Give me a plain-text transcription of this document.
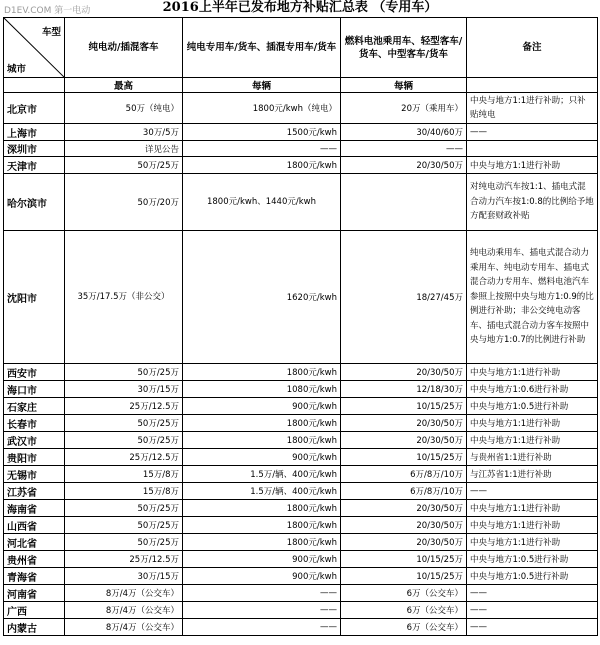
D1EV.COM 第一电动	2016上半年已发布地方补贴汇总表 （专用车）
车型
城市	纯电动/插混客车	纯电专用车/货车、插混专用车/货车	燃料电池乘用车、轻型客车/货车、中型客车/货车	备注
	最高	每辆	每辆	
北京市	50万（纯电）	1800元/kwh（纯电）	20万（乘用车）	中央与地方1:1进行补助；只补贴纯电
上海市	30万/5万	1500元/kwh	30/40/60万	——
深圳市	详见公告	——	——	
天津市	50万/25万	1800元/kwh	20/30/50万	中央与地方1:1进行补助
哈尔滨市	50万/20万	1800元/kwh、1440元/kwh		对纯电动汽车按1:1、插电式混合动力汽车按1:0.8的比例给予地方配套财政补贴
沈阳市	35万/17.5万（非公交）	1620元/kwh	18/27/45万	纯电动乘用车、插电式混合动力乘用车、纯电动专用车、插电式混合动力专用车、燃料电池汽车参照上按照中央与地方1:0.9的比例进行补助；非公交纯电动客车、插电式混合动力客车按照中央与地方1:0.7的比例进行补助
西安市	50万/25万	1800元/kwh	20/30/50万	中央与地方1:1进行补助
海口市	30万/15万	1080元/kwh	12/18/30万	中央与地方1:0.6进行补助
石家庄	25万/12.5万	900元/kwh	10/15/25万	中央与地方1:0.5进行补助
长春市	50万/25万	1800元/kwh	20/30/50万	中央与地方1:1进行补助
武汉市	50万/25万	1800元/kwh	20/30/50万	中央与地方1:1进行补助
贵阳市	25万/12.5万	900元/kwh	10/15/25万	与贵州省1:1进行补助
无锡市	15万/8万	1.5万/辆、400元/kwh	6万/8万/10万	与江苏省1:1进行补助
江苏省	15万/8万	1.5万/辆、400元/kwh	6万/8万/10万	——
海南省	50万/25万	1800元/kwh	20/30/50万	中央与地方1:1进行补助
山西省	50万/25万	1800元/kwh	20/30/50万	中央与地方1:1进行补助
河北省	50万/25万	1800元/kwh	20/30/50万	中央与地方1:1进行补助
贵州省	25万/12.5万	900元/kwh	10/15/25万	中央与地方1:0.5进行补助
青海省	30万/15万	900元/kwh	10/15/25万	中央与地方1:0.5进行补助
河南省	8万/4万（公交车）	——	6万（公交车）	——
广西	8万/4万（公交车）	——	6万（公交车）	——
内蒙古	8万/4万（公交车）	——	6万（公交车）	——
